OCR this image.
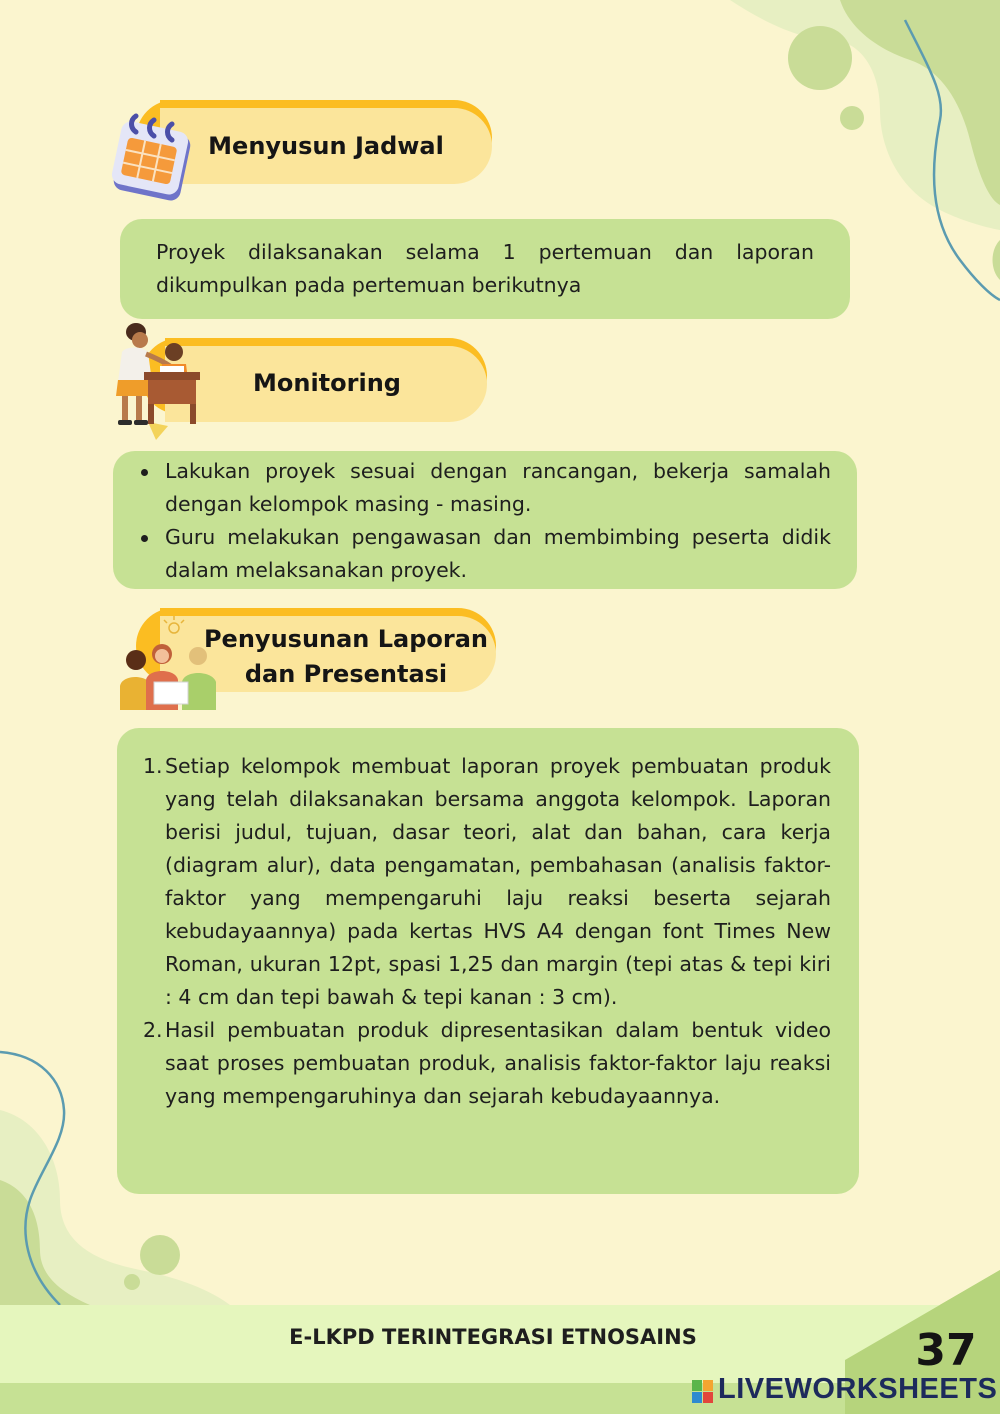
Menyusun Jadwal

Proyek dilaksanakan selama 1 pertemuan dan laporan dikumpulkan pada pertemuan berikutnya

Monitoring
Lakukan proyek sesuai dengan rancangan, bekerja samalah dengan kelompok masing - masing.
Guru melakukan pengawasan dan membimbing peserta didik dalam melaksanakan proyek.
Penyusunan Laporan
dan Presentasi
1. Setiap kelompok membuat laporan proyek pembuatan produk yang telah dilaksanakan bersama anggota kelompok. Laporan berisi judul, tujuan, dasar teori, alat dan bahan, cara kerja (diagram alur), data pengamatan, pembahasan (analisis faktor-faktor yang mempengaruhi laju reaksi beserta sejarah kebudayaannya) pada kertas HVS A4 dengan font Times New Roman, ukuran 12pt, spasi 1,25 dan margin (tepi atas & tepi kiri : 4 cm dan tepi bawah & tepi kanan : 3 cm).
2. Hasil pembuatan produk dipresentasikan dalam bentuk video saat proses pembuatan produk, analisis faktor-faktor laju reaksi yang mempengaruhinya dan sejarah kebudayaannya.
E-LKPD TERINTEGRASI ETNOSAINS	37
LIVEWORKSHEETS
